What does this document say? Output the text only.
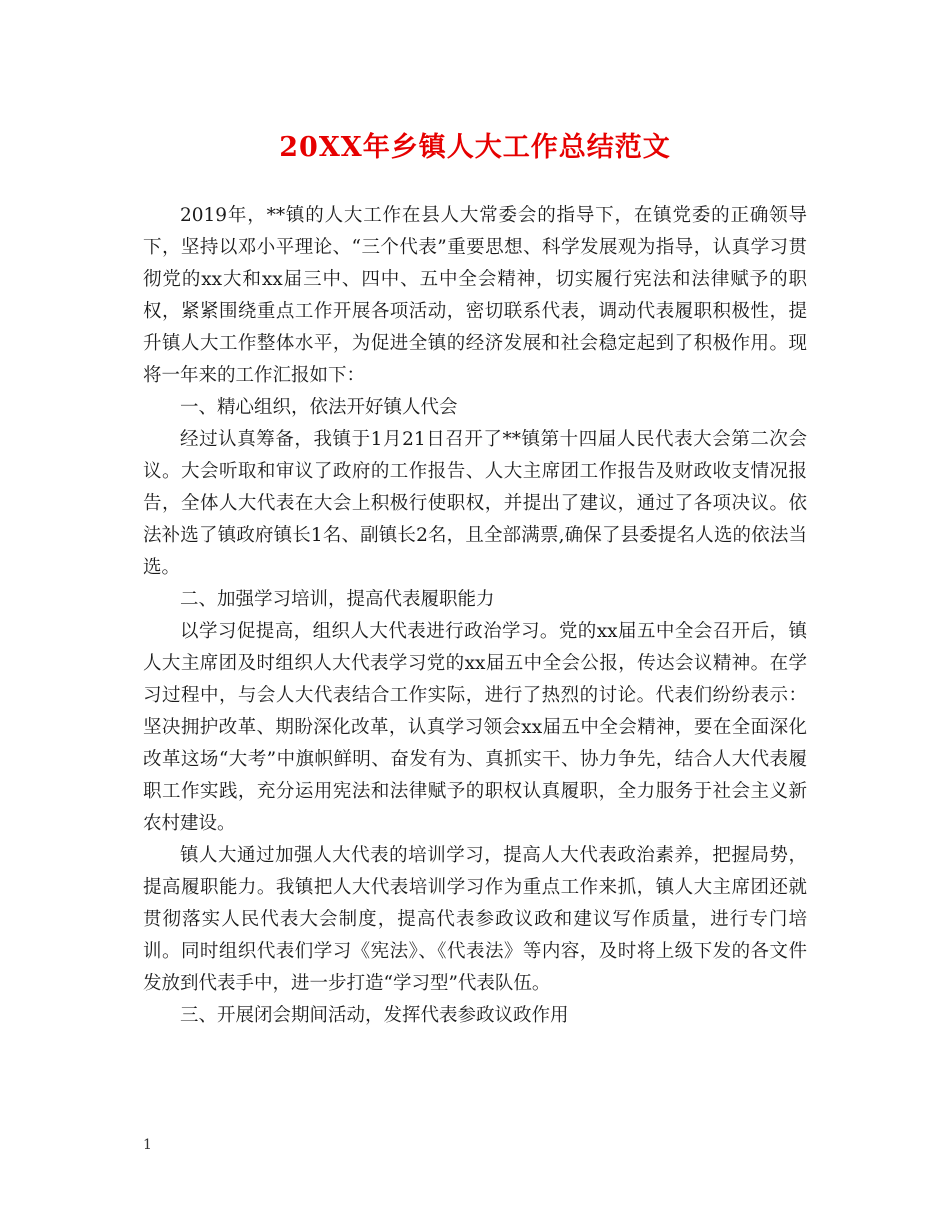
20XX年乡镇人大工作总结范文

2019年，**镇的人大工作在县人大常委会的指导下，在镇党委的正确领导下，坚持以邓小平理论、“三个代表”重要思想、科学发展观为指导，认真学习贯彻党的xx大和xx届三中、四中、五中全会精神，切实履行宪法和法律赋予的职权，紧紧围绕重点工作开展各项活动，密切联系代表，调动代表履职积极性，提升镇人大工作整体水平，为促进全镇的经济发展和社会稳定起到了积极作用。现将一年来的工作汇报如下：

一、精心组织，依法开好镇人代会

经过认真筹备，我镇于1月21日召开了**镇第十四届人民代表大会第二次会议。大会听取和审议了政府的工作报告、人大主席团工作报告及财政收支情况报告，全体人大代表在大会上积极行使职权，并提出了建议，通过了各项决议。依法补选了镇政府镇长1名、副镇长2名，且全部满票,确保了县委提名人选的依法当选。

二、加强学习培训，提高代表履职能力

以学习促提高，组织人大代表进行政治学习。党的xx届五中全会召开后，镇人大主席团及时组织人大代表学习党的xx届五中全会公报，传达会议精神。在学习过程中，与会人大代表结合工作实际，进行了热烈的讨论。代表们纷纷表示：坚决拥护改革、期盼深化改革，认真学习领会xx届五中全会精神，要在全面深化改革这场“大考”中旗帜鲜明、奋发有为、真抓实干、协力争先，结合人大代表履职工作实践，充分运用宪法和法律赋予的职权认真履职，全力服务于社会主义新农村建设。

镇人大通过加强人大代表的培训学习，提高人大代表政治素养，把握局势，提高履职能力。我镇把人大代表培训学习作为重点工作来抓，镇人大主席团还就贯彻落实人民代表大会制度，提高代表参政议政和建议写作质量，进行专门培训。同时组织代表们学习《宪法》、《代表法》等内容，及时将上级下发的各文件发放到代表手中，进一步打造“学习型”代表队伍。

三、开展闭会期间活动，发挥代表参政议政作用

1
